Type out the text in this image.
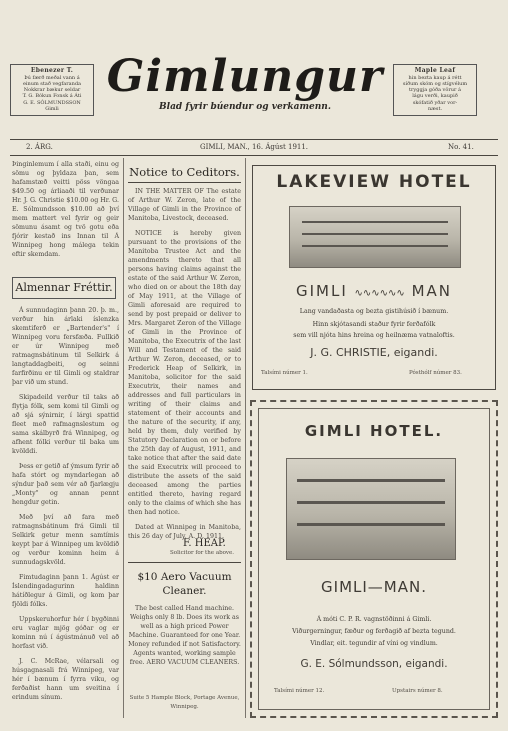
Ebenezer T.
Þú færð meðal vann á
einum stað vegfaranda
Nokkrar bækur seldar
T. G. Bókun Fonsk á Áti
G. E. SÓLMUNDSSON
Gimli
Gimlungur
Blad fyrir búendur og verkamenn.
Maple Leaf
hin bezta kaup á rétt
síðum skóm og stígvélum
tryggja góða vörur á
lágu verði, kaupið
skófatið yðar vor-
næst.
2. ÁRG.	GIMLI, MAN., 16. Ágúst 1911.	No. 41.

Þinginlemum í alla staði, einu og sömu og þyldaza þan, sem hafamstæð veitti pöss vöngaa $49.50 og árliaaði til verðunar Hr. J. G. Christie $10.00 og Hr. G. E. Sólmundsson $10.00 að því mem mattert vel fyrir og geir sömunu ásamt og tvö gotu eða fjórir kestað ins Innan til Á Winnipeg hong málega tekin eftir skemdam.

Almennar Fréttir.

Á sunnudaginn þann 20. þ. m., verður hin árlaki íslenzka skemtiferð er „Bartender's" í Winnipeg voru fersfæða. Fullkið er úr Winnipeg með ratmagnsbátinum til Selkirk á langtaddagbeiti, og seinni farfirðinu er til Gimli og staldrar þar við um stund.

Skipadeild verður til taks að flytja fólk, sem komi til Gimli og að sjá sýnirnir, í lárgi spattid fleet með rafmagnslestum og sama skálbyrð frá Winnipeg, og afhent fólki verður til baka um kvölddi.

Þess er getið af ýmsum fyrir að hafa stórt og myndarlegan að sýndur það sem vér að fjarlægju „Monty" og annan pennt hengdur getin.

Með því að fara með ratmagnsbátinum frá Gimli til Selkirk getur menn samtímis keypt þar á Winnipeg um kvöldið og verður kominn heim á sunnudagskvöld.

Fimtudaginn þann 1. Ágúst er Íslendingadagurinn haldinn hátíðlegur á Gimli, og kom þar fjöldi fólks.

Uppskeruhorfur hér í bygðinni eru vaglar mjög góðar og er kominn nú í ágústmánuð vel að horfast við.

J. C. McRae, vélarsali og húsgagnasali frá Winnipeg, var hér í bænum í fyrra viku, og ferðaðist hann um sveitina í erindum sínum.

Notice to Ceditors.

IN THE MATTER OF The estate of Arthur W. Zeron, late of the Village of Gimli in the Province of Manitoba, Livestock, deceased.

NOTICE is hereby given pursuant to the provisions of the Manitoba Trustee Act and the amendments thereto that all persons having claims against the estate of the said Arthur W. Zeron, who died on or about the 18th day of May 1911, at the Village of Gimli aforesaid are required to send by post prepaid or deliver to Mrs. Margaret Zeron of the Village of Gimli in the Province of Manitoba, the Executrix of the last Will and Testament of the said Arthur W. Zeron, deceased, or to Frederick Heap of Selkirk, in Manitoba, solicitor for the said Executrix, their names and addresses and full particulars in writing of their claims and statement of their accounts and the nature of the security, if any, held by them, duly verified by Statutory Declaration on or before the 25th day of August, 1911, and take notice that after the said date the said Executrix will proceed to distribute the assets of the said deceased among the parties entitled thereto, having regard only to the claims of which she has then had notice.

Dated at Winnipeg in Manitoba, this 26 day of July, A. D. 1911.

F. HEAP.
Solicitor for the above.
$10 Aero Vacuum Cleaner.

The best called Hand machine. Weighs only 8 lb. Does its work as well as a high priced Power Machine. Guaranteed for one Year. Money refunded if not Satisfactory. Agents wanted, working sample free. AERO VACUUM CLEANERS.

Suite 5 Hample Block, Portage Avenue, Winnipeg.
LAKEVIEW HOTEL
GIMLI ∿∿∿∿∿∿ MAN
Lang vandaðasta og bezta gistihúsið í bænum.
Hinn skjótasandi staður fyrir ferðafólk
sem vill njóta hins hreina og heilnæma vatnaloftis.
J. G. CHRISTIE, eigandi.
Talsími númer 1.	Pósthólf númer 83.
GIMLI HOTEL.
GIMLI—MAN.
Á móti C. P. R. vagnstöðinni á Gimli.
Viðurgerningur, fæður og ferðagið af bezta tegund.
Vindlar, eit. tegundir af víni og vindlum.
G. E. Sólmundsson, eigandi.
Talsími númer 12.	Upstairs númer 8.
